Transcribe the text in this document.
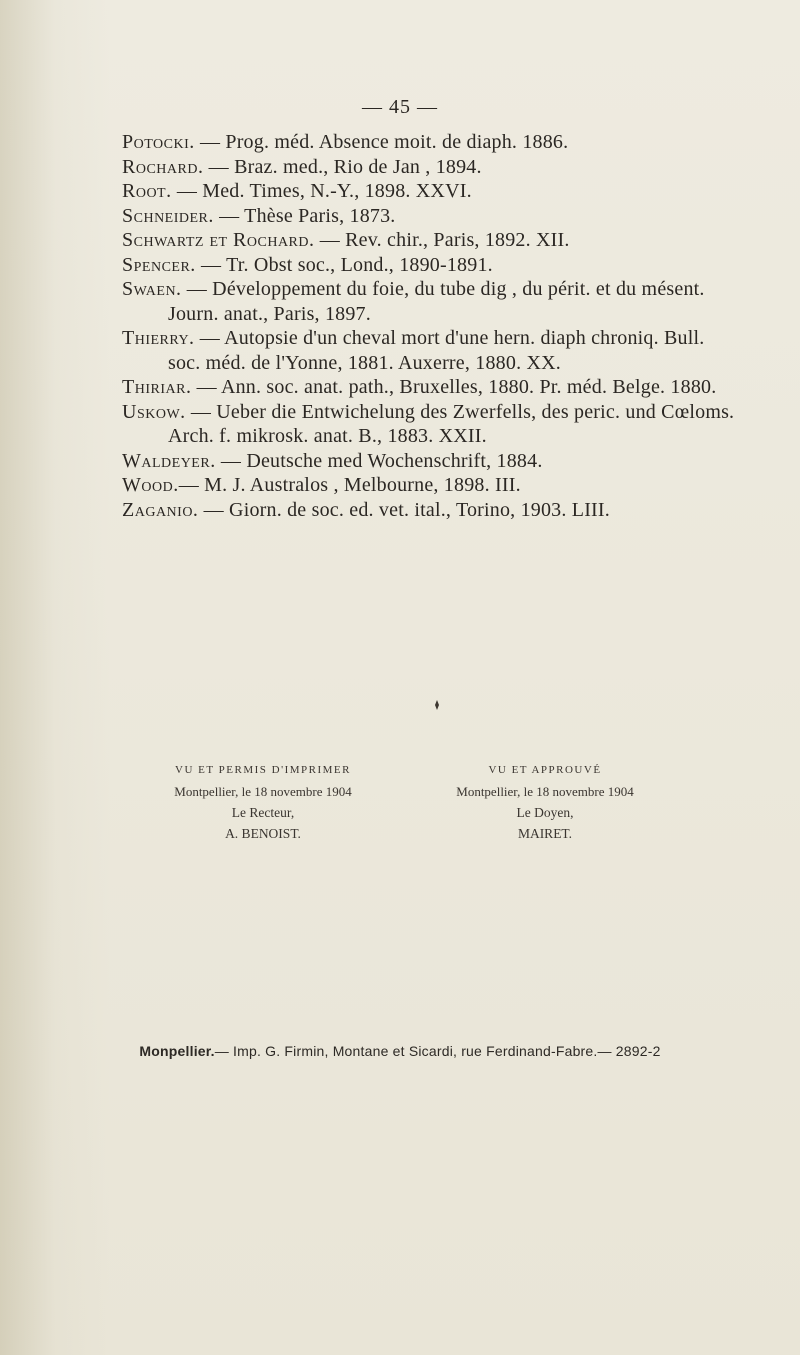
— 45 —

Potocki. — Prog. méd. Absence moit. de diaph. 1886.

Rochard. — Braz. med., Rio de Jan , 1894.

Root. — Med. Times, N.-Y., 1898. XXVI.

Schneider. — Thèse Paris, 1873.

Schwartz et Rochard. — Rev. chir., Paris, 1892. XII.

Spencer. — Tr. Obst soc., Lond., 1890-1891.

Swaen. — Développement du foie, du tube dig , du périt. et du mésent. Journ. anat., Paris, 1897.

Thierry. — Autopsie d'un cheval mort d'une hern. diaph chroniq. Bull. soc. méd. de l'Yonne, 1881. Auxerre, 1880. XX.

Thiriar. — Ann. soc. anat. path., Bruxelles, 1880. Pr. méd. Belge. 1880.

Uskow. — Ueber die Entwichelung des Zwerfells, des peric. und Cœloms. Arch. f. mikrosk. anat. B., 1883. XXII.

Waldeyer. — Deutsche med Wochenschrift, 1884.

Wood.— M. J. Australos , Melbourne, 1898. III.

Zaganio. — Giorn. de soc. ed. vet. ital., Torino, 1903. LIII.

VU ET PERMIS D'IMPRIMER
Montpellier, le 18 novembre 1904
Le Recteur,
A. BENOIST.
VU ET APPROUVÉ
Montpellier, le 18 novembre 1904
Le Doyen,
MAIRET.
Monpellier.— Imp. G. Firmin, Montane et Sicardi, rue Ferdinand-Fabre.— 2892-2
